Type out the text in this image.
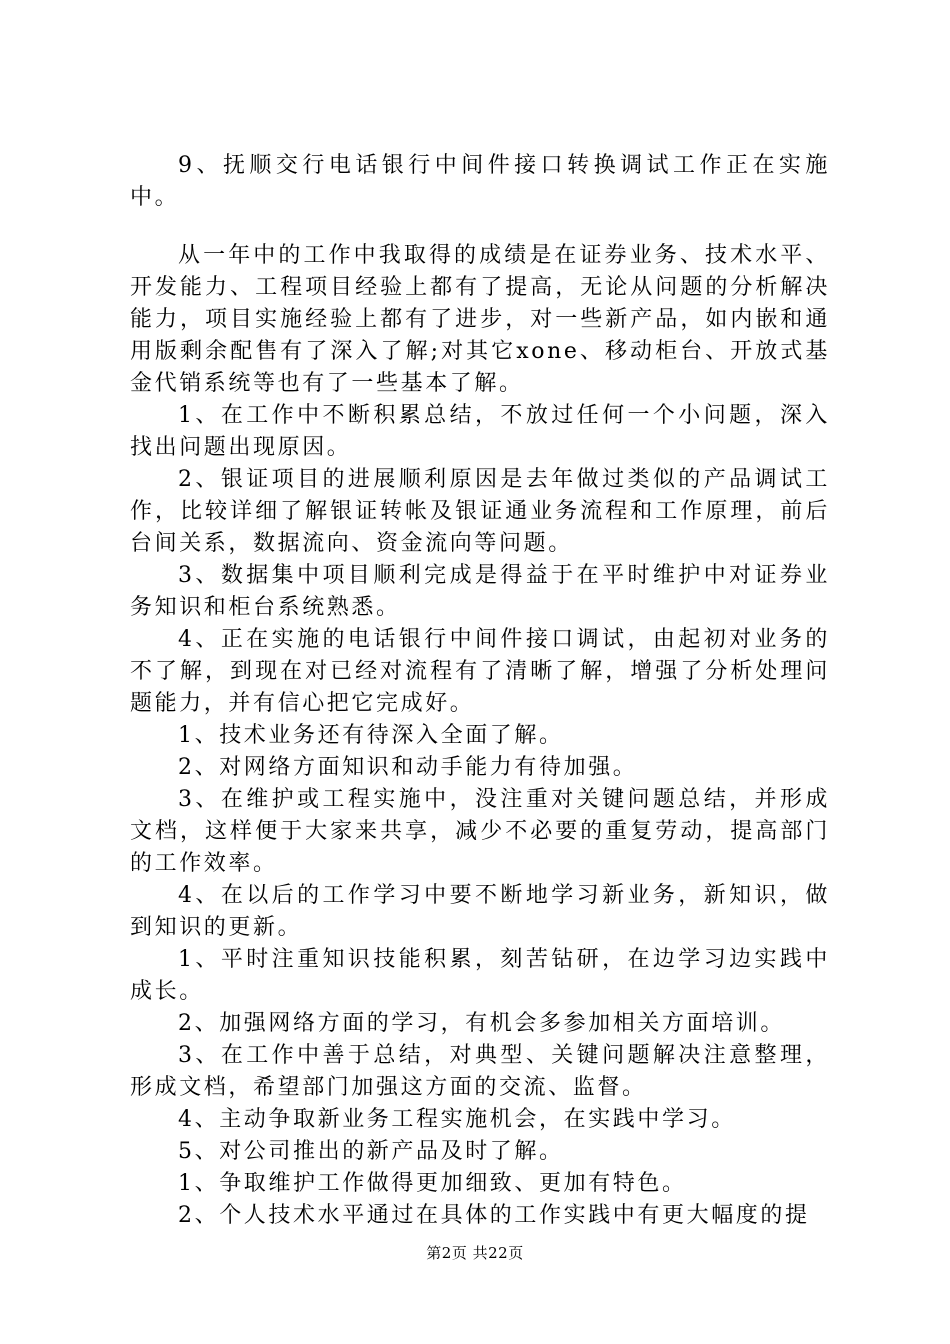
9、抚顺交行电话银行中间件接口转换调试工作正在实施中。

从一年中的工作中我取得的成绩是在证券业务、技术水平、开发能力、工程项目经验上都有了提高，无论从问题的分析解决能力，项目实施经验上都有了进步，对一些新产品，如内嵌和通用版剩余配售有了深入了解;对其它xone、移动柜台、开放式基金代销系统等也有了一些基本了解。

1、在工作中不断积累总结，不放过任何一个小问题，深入找出问题出现原因。

2、银证项目的进展顺利原因是去年做过类似的产品调试工作，比较详细了解银证转帐及银证通业务流程和工作原理，前后台间关系，数据流向、资金流向等问题。

3、数据集中项目顺利完成是得益于在平时维护中对证券业务知识和柜台系统熟悉。

4、正在实施的电话银行中间件接口调试，由起初对业务的不了解，到现在对已经对流程有了清晰了解，增强了分析处理问题能力，并有信心把它完成好。

1、技术业务还有待深入全面了解。

2、对网络方面知识和动手能力有待加强。

3、在维护或工程实施中，没注重对关键问题总结，并形成文档，这样便于大家来共享，减少不必要的重复劳动，提高部门的工作效率。

4、在以后的工作学习中要不断地学习新业务，新知识，做到知识的更新。

1、平时注重知识技能积累，刻苦钻研，在边学习边实践中成长。

2、加强网络方面的学习，有机会多参加相关方面培训。

3、在工作中善于总结，对典型、关键问题解决注意整理，形成文档，希望部门加强这方面的交流、监督。

4、主动争取新业务工程实施机会，在实践中学习。

5、对公司推出的新产品及时了解。

1、争取维护工作做得更加细致、更加有特色。

2、个人技术水平通过在具体的工作实践中有更大幅度的提

第2页 共22页
